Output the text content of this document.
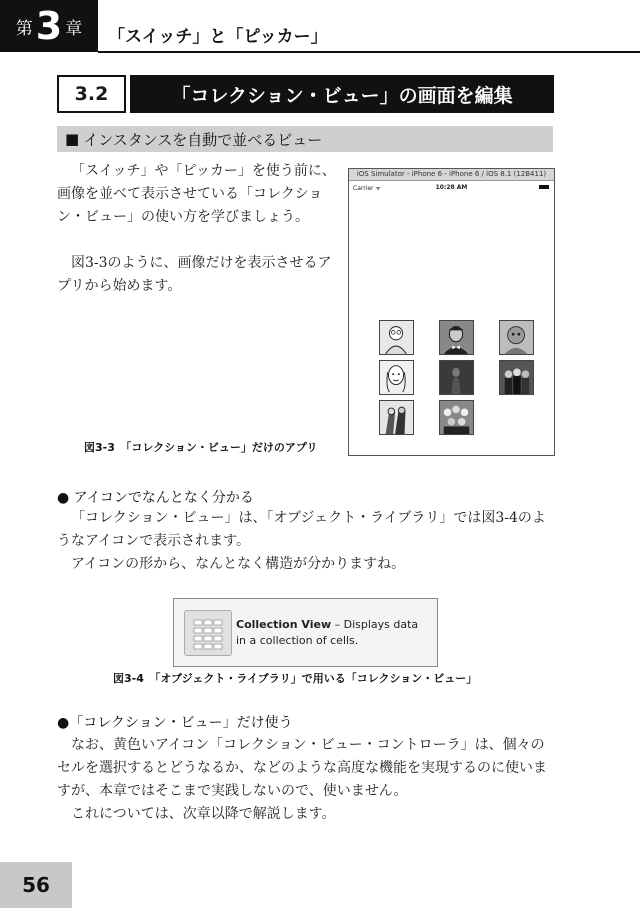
第 3 章 「スイッチ」と「ピッカー」
3.2	「コレクション・ビュー」の画面を編集
■ インスタンスを自動で並べるビュー

「スイッチ」や「ピッカー」を使う前に、画像を並べて表示させている「コレクション・ビュー」の使い方を学びましょう。

図3-3のように、画像だけを表示させるアプリから始めます。

iOS Simulator - iPhone 6 - iPhone 6 / iOS 8.1 (12B411)
Carrier ᯤ	10:28 AM
図3-3　「コレクション・ビュー」だけのアプリ
● アイコンでなんとなく分かる

「コレクション・ビュー」は、「オブジェクト・ライブラリ」では図3-4のようなアイコンで表示されます。

アイコンの形から、なんとなく構造が分かりますね。

Collection View – Displays data
in a collection of cells.
図3-4　「オブジェクト・ライブラリ」で用いる「コレクション・ビュー」
●「コレクション・ビュー」だけ使う

なお、黄色いアイコン「コレクション・ビュー・コントローラ」は、個々のセルを選択するとどうなるか、などのような高度な機能を実現するのに使いますが、本章ではそこまで実践しないので、使いません。

これについては、次章以降で解説します。

56
